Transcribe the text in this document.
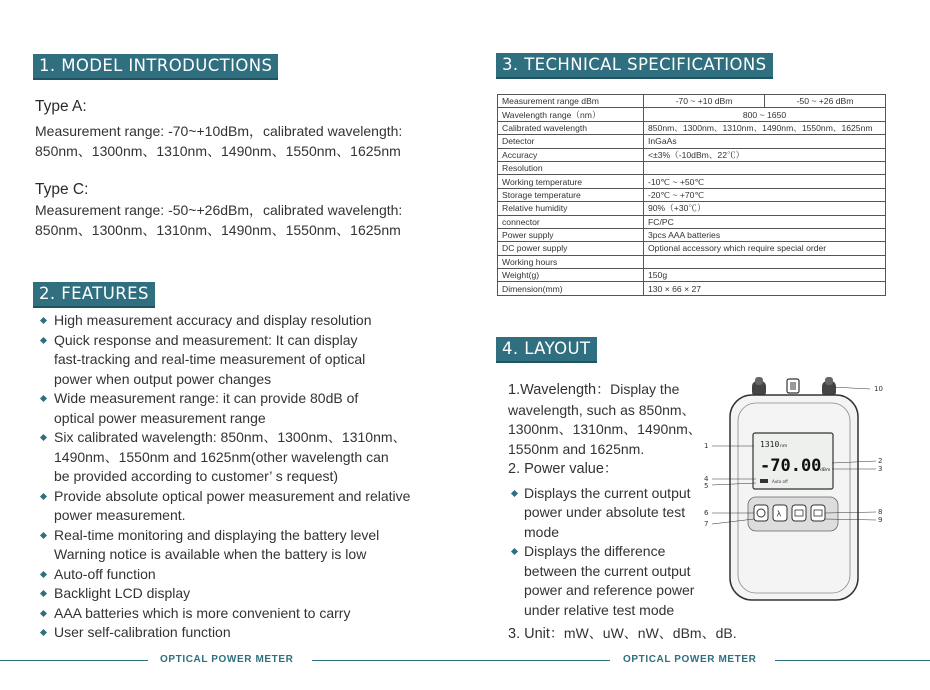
1. MODEL INTRODUCTIONS
Type A:
Measurement range: -70~+10dBm，calibrated wavelength:
850nm、1300nm、1310nm、1490nm、1550nm、1625nm
Type C:
Measurement range: -50~+26dBm，calibrated wavelength:
850nm、1300nm、1310nm、1490nm、1550nm、1625nm
2. FEATURES
High measurement accuracy and display resolution
Quick response and measurement: It can display
fast-tracking and real-time measurement of optical
power when output power changes
Wide measurement range: it can provide 80dB of
optical power measurement range
Six calibrated wavelength: 850nm、1300nm、1310nm、
1490nm、1550nm and 1625nm(other wavelength can
be provided according to customer’ s request)
Provide absolute optical power measurement and relative
power measurement.
Real-time monitoring and displaying the battery level
Warning notice is available when the battery is low
Auto-off function
Backlight LCD display
AAA batteries which is more convenient to carry
User self-calibration function
3. TECHNICAL SPECIFICATIONS
Measurement range dBm	-70 ~ +10 dBm	-50 ~ +26 dBm
Wavelength range（nm）	800 ~ 1650	
Calibrated wavelength	850nm、1300nm、1310nm、1490nm、1550nm、1625nm	
Detector	InGaAs	
Accuracy	<±3%（-10dBm、22℃）	
Resolution		
Working temperature	-10℃ ~ +50℃	
Storage temperature	-20℃ ~ +70℃	
Relative humidity	90%（+30℃）	
connector	FC/PC	
Power supply	3pcs AAA batteries	
DC power supply	Optional accessory which require special order	
Working hours		
Weight(g)	150g	
Dimension(mm)	130 × 66 × 27	
4. LAYOUT
1.Wavelength：Display the
wavelength, such as 850nm、
1300nm、1310nm、1490nm、
1550nm and 1625nm.
2. Power value：
Displays the current output
power under absolute test
mode
Displays the difference
between the current output
power and reference power
under relative test mode
3. Unit：mW、uW、nW、dBm、dB.
1310 nm
-70.00
dBm
Auto off
λ
10
1
2
3
4
5
6
7
8
9
OPTICAL POWER METER	OPTICAL POWER METER
